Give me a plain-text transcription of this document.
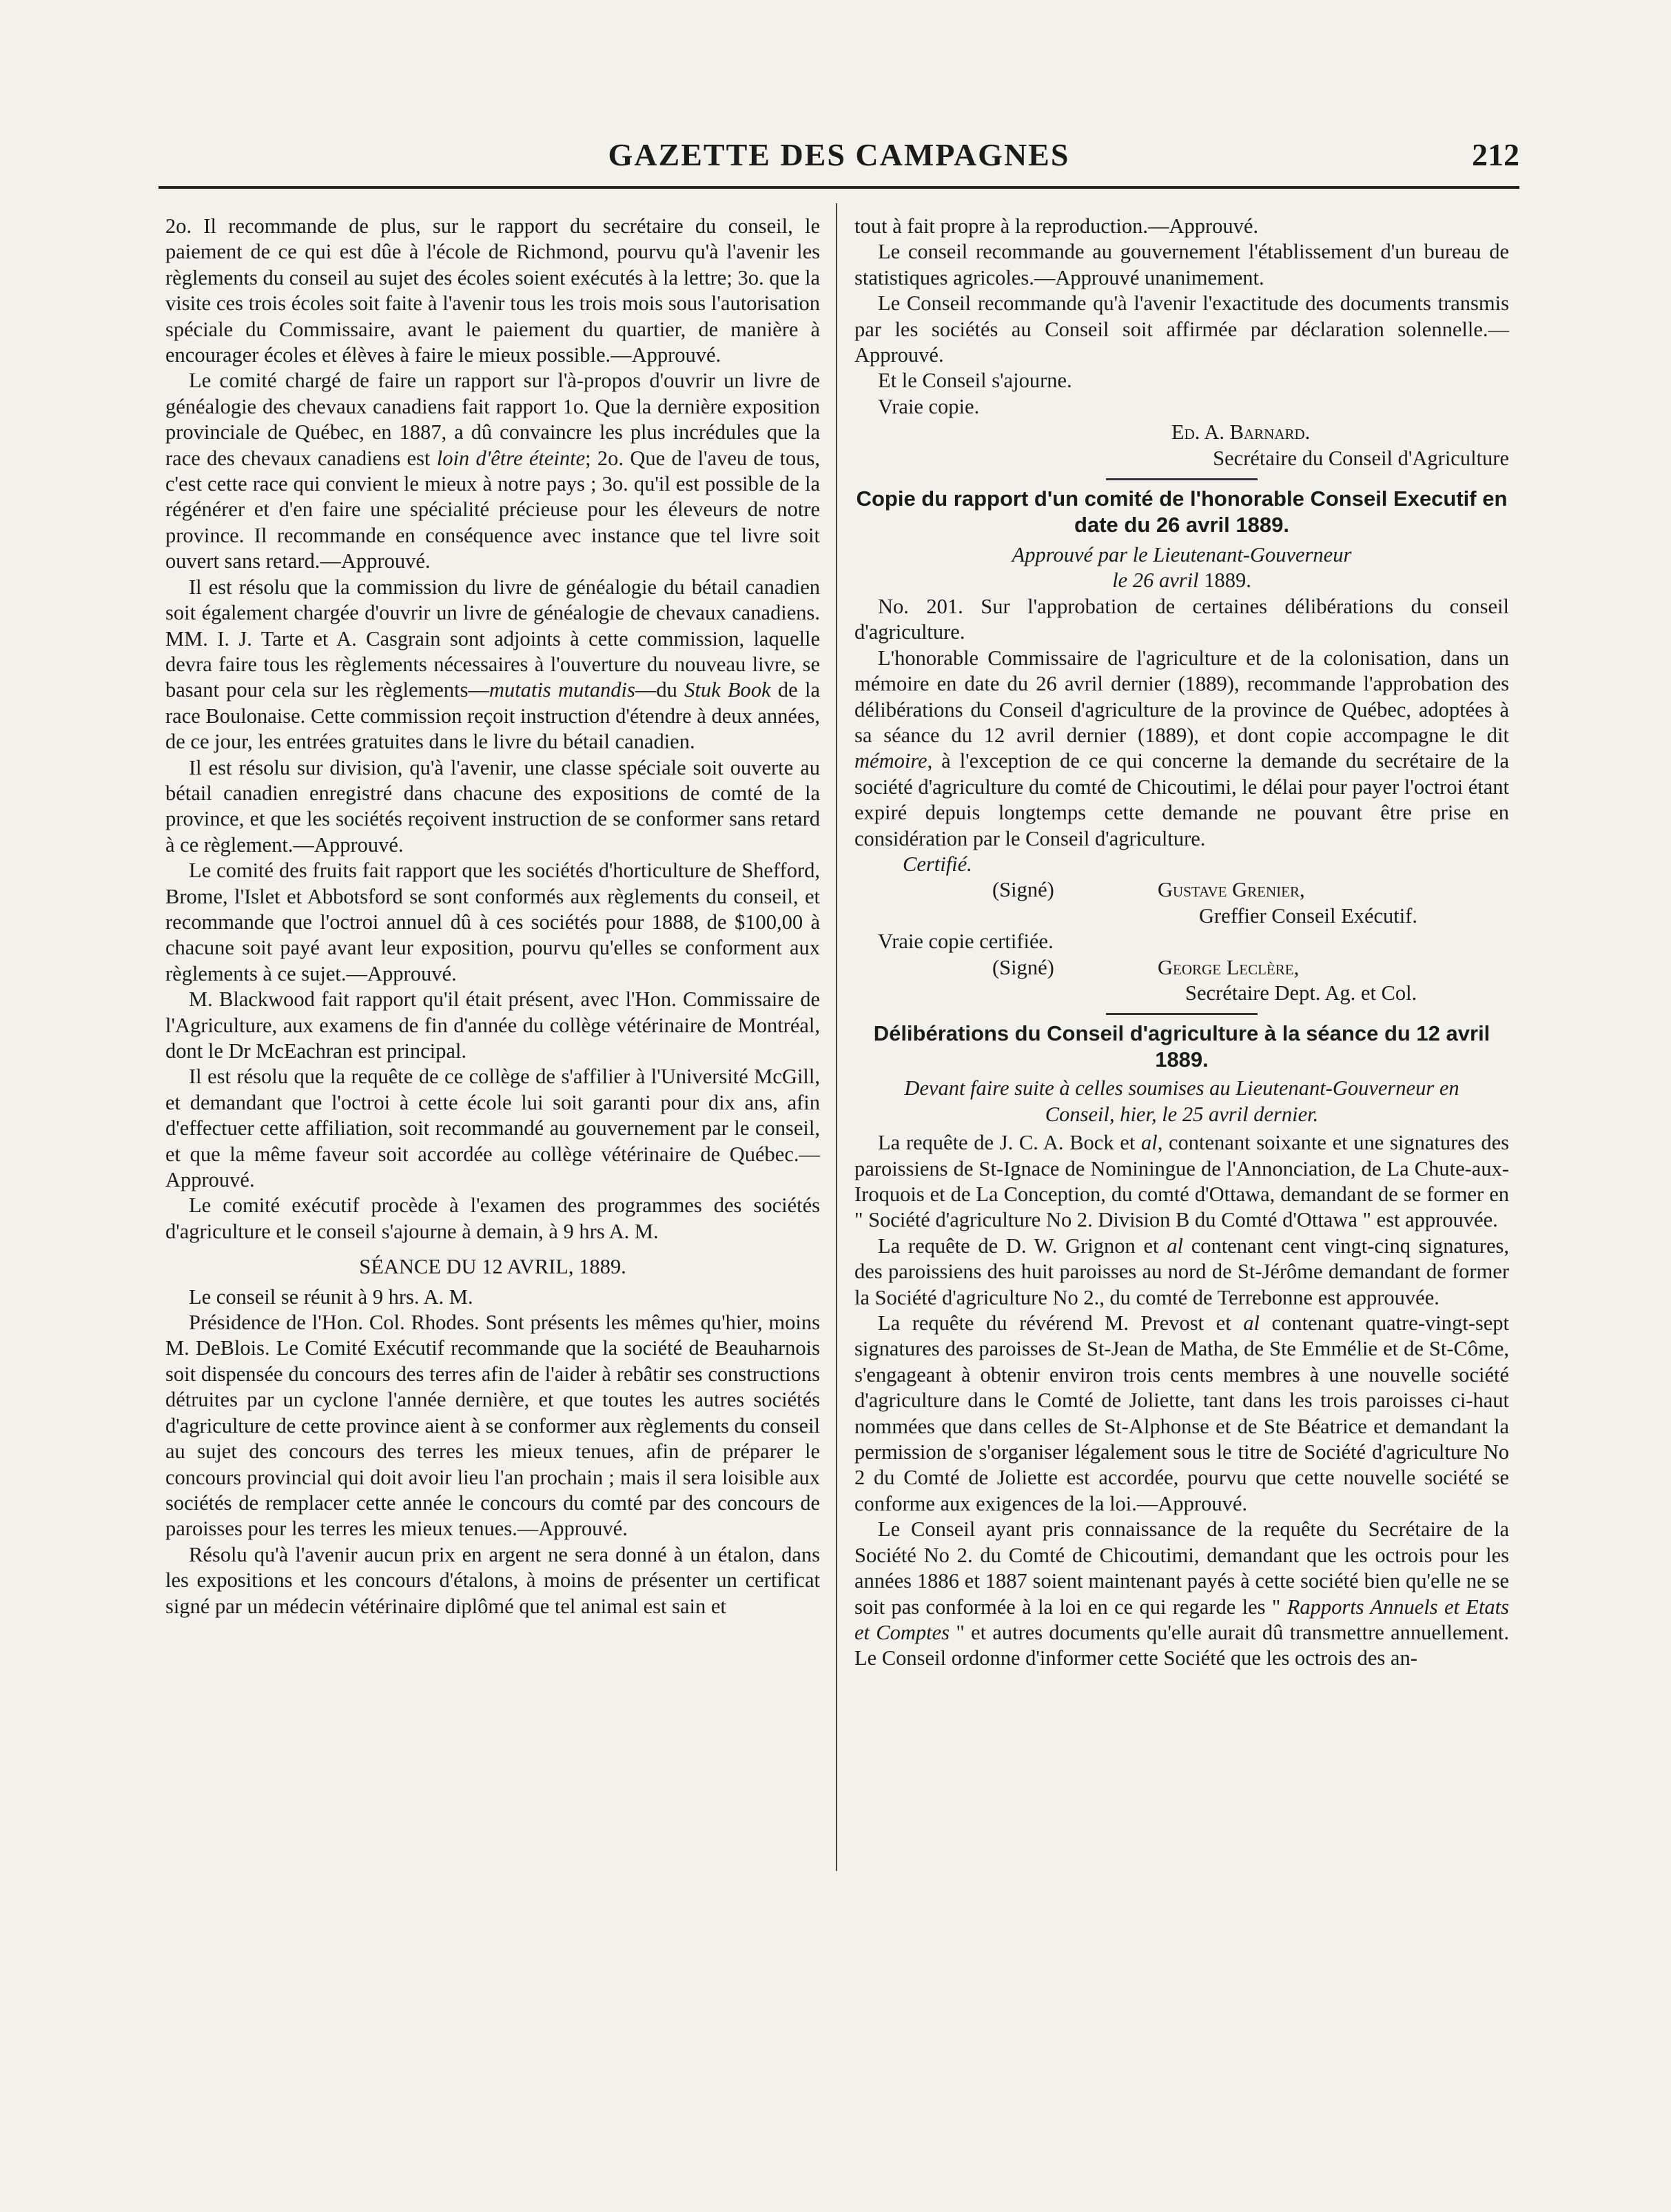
GAZETTE DES CAMPAGNES	212

2o. Il recommande de plus, sur le rapport du secrétaire du conseil, le paiement de ce qui est dûe à l'école de Richmond, pourvu qu'à l'avenir les règlements du conseil au sujet des écoles soient exécutés à la lettre; 3o. que la visite ces trois écoles soit faite à l'avenir tous les trois mois sous l'autorisation spéciale du Commissaire, avant le paiement du quartier, de manière à encourager écoles et élèves à faire le mieux possible.—Approuvé.

Le comité chargé de faire un rapport sur l'à-propos d'ouvrir un livre de généalogie des chevaux canadiens fait rapport 1o. Que la dernière exposition provinciale de Québec, en 1887, a dû convaincre les plus incrédules que la race des chevaux canadiens est loin d'être éteinte; 2o. Que de l'aveu de tous, c'est cette race qui convient le mieux à notre pays ; 3o. qu'il est possible de la régénérer et d'en faire une spécialité précieuse pour les éleveurs de notre province. Il recommande en conséquence avec instance que tel livre soit ouvert sans retard.—Approuvé.

Il est résolu que la commission du livre de généalogie du bétail canadien soit également chargée d'ouvrir un livre de généalogie de chevaux canadiens. MM. I. J. Tarte et A. Casgrain sont adjoints à cette commission, laquelle devra faire tous les règlements nécessaires à l'ouverture du nouveau livre, se basant pour cela sur les règlements—mutatis mutandis—du Stuk Book de la race Boulonaise. Cette commission reçoit instruction d'étendre à deux années, de ce jour, les entrées gratuites dans le livre du bétail canadien.

Il est résolu sur division, qu'à l'avenir, une classe spéciale soit ouverte au bétail canadien enregistré dans chacune des expositions de comté de la province, et que les sociétés reçoivent instruction de se conformer sans retard à ce règlement.—Approuvé.

Le comité des fruits fait rapport que les sociétés d'horticulture de Shefford, Brome, l'Islet et Abbotsford se sont conformés aux règlements du conseil, et recommande que l'octroi annuel dû à ces sociétés pour 1888, de $100,00 à chacune soit payé avant leur exposition, pourvu qu'elles se conforment aux règlements à ce sujet.—Approuvé.

M. Blackwood fait rapport qu'il était présent, avec l'Hon. Commissaire de l'Agriculture, aux examens de fin d'année du collège vétérinaire de Montréal, dont le Dr McEachran est principal.

Il est résolu que la requête de ce collège de s'affilier à l'Université McGill, et demandant que l'octroi à cette école lui soit garanti pour dix ans, afin d'effectuer cette affiliation, soit recommandé au gouvernement par le conseil, et que la même faveur soit accordée au collège vétérinaire de Québec.—Approuvé.

Le comité exécutif procède à l'examen des programmes des sociétés d'agriculture et le conseil s'ajourne à demain, à 9 hrs A. M.

SÉANCE DU 12 AVRIL, 1889.

Le conseil se réunit à 9 hrs. A. M.

Présidence de l'Hon. Col. Rhodes. Sont présents les mêmes qu'hier, moins M. DeBlois. Le Comité Exécutif recommande que la société de Beauharnois soit dispensée du concours des terres afin de l'aider à rebâtir ses constructions détruites par un cyclone l'année dernière, et que toutes les autres sociétés d'agriculture de cette province aient à se conformer aux règlements du conseil au sujet des concours des terres les mieux tenues, afin de préparer le concours provincial qui doit avoir lieu l'an prochain ; mais il sera loisible aux sociétés de remplacer cette année le concours du comté par des concours de paroisses pour les terres les mieux tenues.—Approuvé.

Résolu qu'à l'avenir aucun prix en argent ne sera donné à un étalon, dans les expositions et les concours d'étalons, à moins de présenter un certificat signé par un médecin vétérinaire diplômé que tel animal est sain et

tout à fait propre à la reproduction.—Approuvé.

Le conseil recommande au gouvernement l'établissement d'un bureau de statistiques agricoles.—Approuvé unanimement.

Le Conseil recommande qu'à l'avenir l'exactitude des documents transmis par les sociétés au Conseil soit affirmée par déclaration solennelle.—Approuvé.

Et le Conseil s'ajourne.

Vraie copie.

Ed. A. Barnard.

Secrétaire du Conseil d'Agriculture

Copie du rapport d'un comité de l'honorable Conseil Executif en date du 26 avril 1889.

Approuvé par le Lieutenant-Gouverneur

le 26 avril 1889.

No. 201. Sur l'approbation de certaines délibérations du conseil d'agriculture.

L'honorable Commissaire de l'agriculture et de la colonisation, dans un mémoire en date du 26 avril dernier (1889), recommande l'approbation des délibérations du Conseil d'agriculture de la province de Québec, adoptées à sa séance du 12 avril dernier (1889), et dont copie accompagne le dit mémoire, à l'exception de ce qui concerne la demande du secrétaire de la société d'agriculture du comté de Chicoutimi, le délai pour payer l'octroi étant expiré depuis longtemps cette demande ne pouvant être prise en considération par le Conseil d'agriculture.

Certifié.

(Signé)	Gustave Grenier,

Greffier Conseil Exécutif.

Vraie copie certifiée.

(Signé)	George Leclère,

Secrétaire Dept. Ag. et Col.

Délibérations du Conseil d'agriculture à la séance du 12 avril 1889.

Devant faire suite à celles soumises au Lieutenant-Gouverneur en Conseil, hier, le 25 avril dernier.

La requête de J. C. A. Bock et al, contenant soixante et une signatures des paroissiens de St-Ignace de Nominingue de l'Annonciation, de La Chute-aux-Iroquois et de La Conception, du comté d'Ottawa, demandant de se former en " Société d'agriculture No 2. Division B du Comté d'Ottawa " est approuvée.

La requête de D. W. Grignon et al contenant cent vingt-cinq signatures, des paroissiens des huit paroisses au nord de St-Jérôme demandant de former la Société d'agriculture No 2., du comté de Terrebonne est approuvée.

La requête du révérend M. Prevost et al contenant quatre-vingt-sept signatures des paroisses de St-Jean de Matha, de Ste Emmélie et de St-Côme, s'engageant à obtenir environ trois cents membres à une nouvelle société d'agriculture dans le Comté de Joliette, tant dans les trois paroisses ci-haut nommées que dans celles de St-Alphonse et de Ste Béatrice et demandant la permission de s'organiser légalement sous le titre de Société d'agriculture No 2 du Comté de Joliette est accordée, pourvu que cette nouvelle société se conforme aux exigences de la loi.—Approuvé.

Le Conseil ayant pris connaissance de la requête du Secrétaire de la Société No 2. du Comté de Chicoutimi, demandant que les octrois pour les années 1886 et 1887 soient maintenant payés à cette société bien qu'elle ne se soit pas conformée à la loi en ce qui regarde les " Rapports Annuels et Etats et Comptes " et autres documents qu'elle aurait dû transmettre annuellement. Le Conseil ordonne d'informer cette Société que les octrois des an-
